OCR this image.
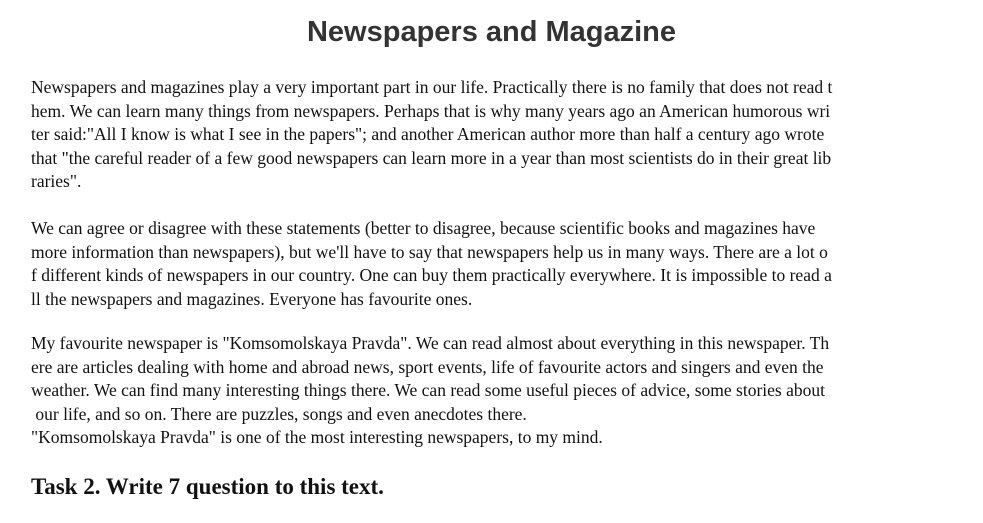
Newspapers and Magazine

Newspapers and magazines play a very important part in our life. Practically there is no family that does not read t
hem. We can learn many things from newspapers. Perhaps that is why many years ago an American humorous wri
ter said:"All I know is what I see in the papers"; and another American author more than half a century ago wrote
that "the careful reader of a few good newspapers can learn more in a year than most scientists do in their great lib
raries".

We can agree or disagree with these statements (better to disagree, because scientific books and magazines have
more information than newspapers), but we'll have to say that newspapers help us in many ways. There are a lot o
f different kinds of newspapers in our country. One can buy them practically everywhere. It is impossible to read a
ll the newspapers and magazines. Everyone has favourite ones.

My favourite newspaper is "Komsomolskaya Pravda". We can read almost about everything in this newspaper. Th
ere are articles dealing with home and abroad news, sport events, life of favourite actors and singers and even the
weather. We can find many interesting things there. We can read some useful pieces of advice, some stories about
our life, and so on. There are puzzles, songs and even anecdotes there.
"Komsomolskaya Pravda" is one of the most interesting newspapers, to my mind.

Task 2. Write 7 question to this text.
